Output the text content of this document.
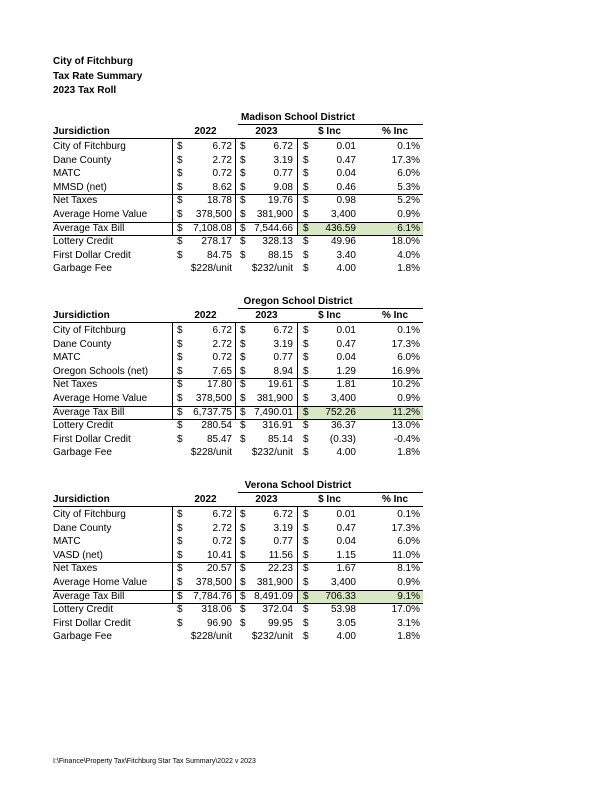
City of Fitchburg
Tax Rate Summary
2023 Tax Roll
Madison School District
Jursidiction	2022	2023	$ Inc	% Inc
City of Fitchburg	$	6.72 $	6.72 $	0.01	0.1%
Dane County	$	2.72 $	3.19 $	0.47	17.3%
MATC	$	0.72 $	0.77 $	0.04	6.0%
MMSD (net)	$	8.62 $	9.08 $	0.46	5.3%
Net Taxes	$	18.78 $	19.76 $	0.98	5.2%
Average Home Value	$	378,500 $	381,900 $	3,400	0.9%
Average Tax Bill	$	7,108.08 $ 7,544.66 $	436.59	6.1%
Lottery Credit	$	278.17 $	328.13 $	49.96	18.0%
First Dollar Credit	$	84.75 $	88.15 $	3.40	4.0%
Garbage Fee	$228/unit	$232/unit $	4.00	1.8%
Oregon School District
Jursidiction	2022	2023	$ Inc	% Inc
City of Fitchburg	$	6.72 $	6.72 $	0.01	0.1%
Dane County	$	2.72 $	3.19 $	0.47	17.3%
MATC	$	0.72 $	0.77 $	0.04	6.0%
Oregon Schools (net)	$	7.65 $	8.94 $	1.29	16.9%
Net Taxes	$	17.80 $	19.61 $	1.81	10.2%
Average Home Value	$	378,500 $	381,900 $	3,400	0.9%
Average Tax Bill	$	6,737.75 $ 7,490.01 $	752.26	11.2%
Lottery Credit	$	280.54 $	316.91 $	36.37	13.0%
First Dollar Credit	$	85.47 $	85.14 $	(0.33)	-0.4%
Garbage Fee	$228/unit	$232/unit $	4.00	1.8%
Verona School District
Jursidiction	2022	2023	$ Inc	% Inc
City of Fitchburg	$	6.72 $	6.72 $	0.01	0.1%
Dane County	$	2.72 $	3.19 $	0.47	17.3%
MATC	$	0.72 $	0.77 $	0.04	6.0%
VASD (net)	$	10.41 $	11.56 $	1.15	11.0%
Net Taxes	$	20.57 $	22.23 $	1.67	8.1%
Average Home Value	$	378,500 $	381,900 $	3,400	0.9%
Average Tax Bill	$	7,784.76 $ 8,491.09 $	706.33	9.1%
Lottery Credit	$	318.06 $	372.04 $	53.98	17.0%
First Dollar Credit	$	96.90 $	99.95 $	3.05	3.1%
Garbage Fee	$228/unit	$232/unit $	4.00	1.8%
I:\Finance\Property Tax\Fitchburg Star Tax Summary\2022 v 2023
